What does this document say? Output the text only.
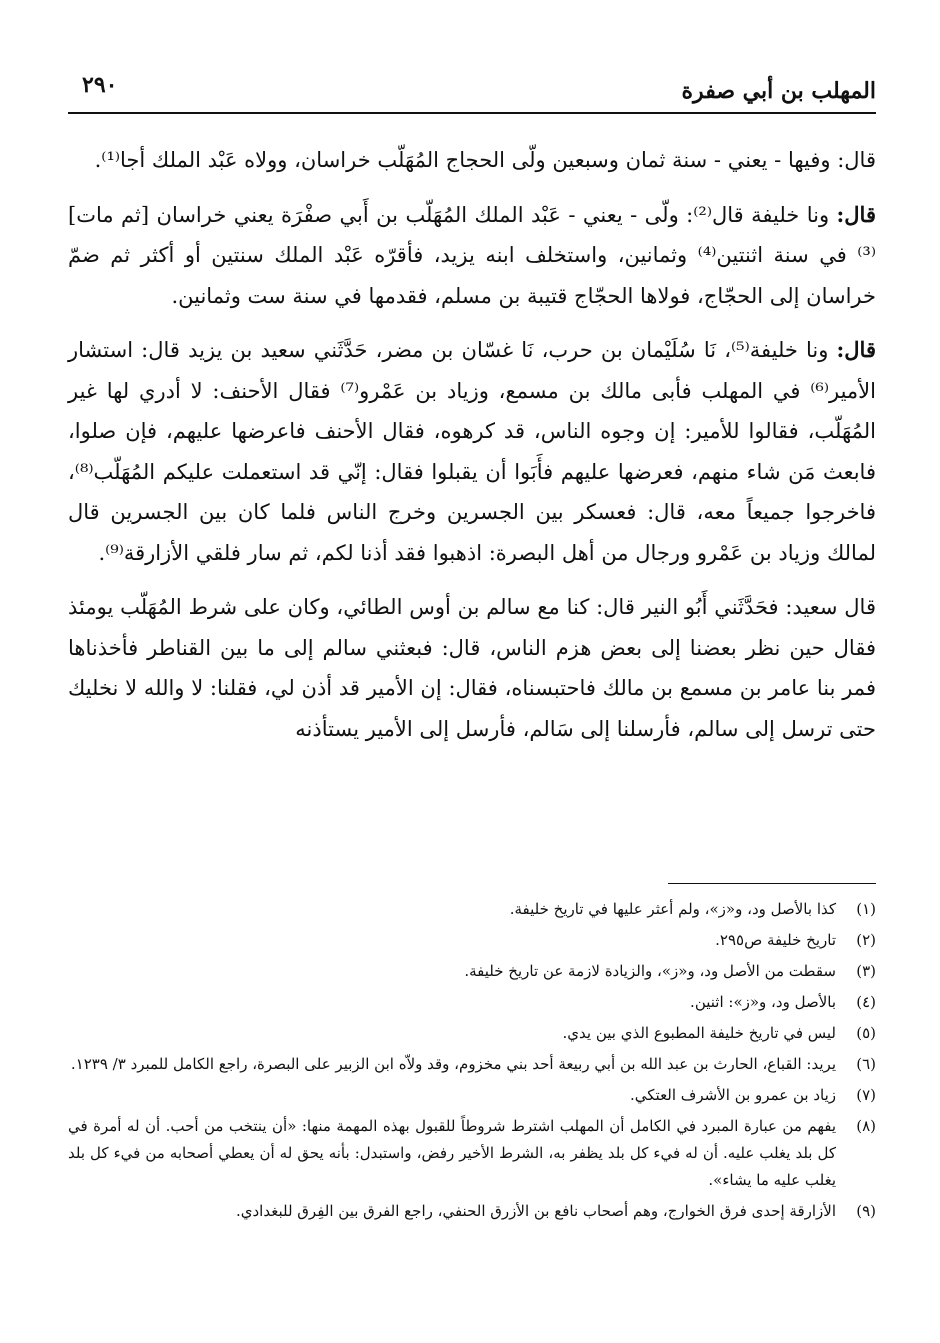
المهلب بن أبي صفرة
٢٩٠

قال: وفيها - يعني - سنة ثمان وسبعين ولّى الحجاج المُهَلّب خراسان، وولاه عَبْد الملك أجا⁽¹⁾.

قال: ونا خليفة قال⁽²⁾: ولّى - يعني - عَبْد الملك المُهَلّب بن أَبي صفْرَة يعني خراسان [ثم مات]⁽³⁾ في سنة اثنتين⁽⁴⁾ وثمانين، واستخلف ابنه يزيد، فأقرّه عَبْد الملك سنتين أو أكثر ثم ضمّ خراسان إلى الحجّاج، فولاها الحجّاج قتيبة بن مسلم، فقدمها في سنة ست وثمانين.

قال: ونا خليفة⁽⁵⁾، نَا سُلَيْمان بن حرب، نَا غسّان بن مضر، حَدَّثَني سعيد بن يزيد قال: استشار الأمير⁽⁶⁾ في المهلب فأبى مالك بن مسمع، وزياد بن عَمْرو⁽⁷⁾ فقال الأحنف: لا أدري لها غير المُهَلّب، فقالوا للأمير: إن وجوه الناس، قد كرهوه، فقال الأحنف فاعرضها عليهم، فإن صلوا، فابعث مَن شاء منهم، فعرضها عليهم فأَبَوا أن يقبلوا فقال: إنّي قد استعملت عليكم المُهَلّب⁽⁸⁾، فاخرجوا جميعاً معه، قال: فعسكر بين الجسرين وخرج الناس فلما كان بين الجسرين قال لمالك وزياد بن عَمْرو ورجال من أهل البصرة: اذهبوا فقد أذنا لكم، ثم سار فلقي الأزارقة⁽⁹⁾.

قال سعيد: فحَدَّثَني أَبُو النير قال: كنا مع سالم بن أوس الطائي، وكان على شرط المُهَلّب يومئذ فقال حين نظر بعضنا إلى بعض هزم الناس، قال: فبعثني سالم إلى ما بين القناطر فأخذناها فمر بنا عامر بن مسمع بن مالك فاحتبسناه، فقال: إن الأمير قد أذن لي، فقلنا: لا والله لا نخليك حتى ترسل إلى سالم، فأرسلنا إلى سَالم، فأرسل إلى الأمير يستأذنه

(١)
كذا بالأصل ود، و«ز»، ولم أعثر عليها في تاريخ خليفة.
(٢)
تاريخ خليفة ص٢٩٥.
(٣)
سقطت من الأصل ود، و«ز»، والزيادة لازمة عن تاريخ خليفة.
(٤)
بالأصل ود، و«ز»: اثنين.
(٥)
ليس في تاريخ خليفة المطبوع الذي بين يدي.
(٦)
يريد: القباع، الحارث بن عبد الله بن أبي ربيعة أحد بني مخزوم، وقد ولاّه ابن الزبير على البصرة، راجع الكامل للمبرد ٣/ ١٢٣٩.
(٧)
زياد بن عمرو بن الأشرف العتكي.
(٨)
يفهم من عبارة المبرد في الكامل أن المهلب اشترط شروطاً للقبول بهذه المهمة منها: «أن ينتخب من أحب. أن له أمرة في كل بلد يغلب عليه. أن له فيء كل بلد يظفر به، الشرط الأخير رفض، واستبدل: بأنه يحق له أن يعطي أصحابه من فيء كل بلد يغلب عليه ما يشاء».
(٩)
الأزارقة إحدى فرق الخوارج، وهم أصحاب نافع بن الأزرق الحنفي، راجع الفرق بين الفِرق للبغدادي.
